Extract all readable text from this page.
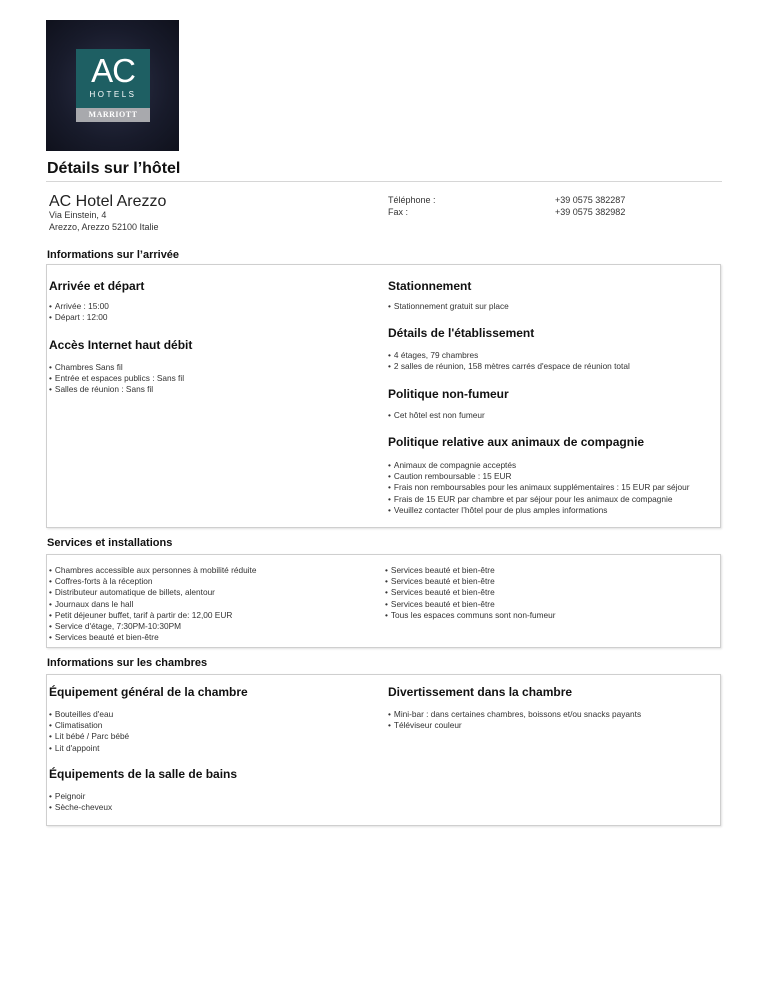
AC
HOTELS
MARRIOTT
Détails sur l’hôtel
AC Hotel Arezzo
Via Einstein, 4
Arezzo, Arezzo 52100 Italie
Téléphone :	+39 0575 382287
Fax :	+39 0575 382982
Informations sur l’arrivée
Arrivée et départ
• Arrivée : 15:00
• Départ : 12:00
Accès Internet haut débit
• Chambres Sans fil
• Entrée et espaces publics : Sans fil
• Salles de réunion : Sans fil
Stationnement
• Stationnement gratuit sur place
Détails de l'établissement
• 4 étages, 79 chambres
• 2 salles de réunion, 158 mètres carrés d'espace de réunion total
Politique non-fumeur
• Cet hôtel est non fumeur
Politique relative aux animaux de compagnie
• Animaux de compagnie acceptés
• Caution remboursable : 15 EUR
• Frais non remboursables pour les animaux supplémentaires : 15 EUR par séjour
• Frais de 15 EUR par chambre et par séjour pour les animaux de compagnie
• Veuillez contacter l’hôtel pour de plus amples informations
Services et installations
• Chambres accessible aux personnes à mobilité réduite
• Coffres-forts à la réception
• Distributeur automatique de billets, alentour
• Journaux dans le hall
• Petit déjeuner buffet, tarif à partir de: 12,00 EUR
• Service d'étage, 7:30PM-10:30PM
• Services beauté et bien-être
• Services beauté et bien-être
• Services beauté et bien-être
• Services beauté et bien-être
• Services beauté et bien-être
• Tous les espaces communs sont non-fumeur
Informations sur les chambres
Équipement général de la chambre
• Bouteilles d'eau
• Climatisation
• Lit bébé / Parc bébé
• Lit d'appoint
Équipements de la salle de bains
• Peignoir
• Sèche-cheveux
Divertissement dans la chambre
• Mini-bar : dans certaines chambres, boissons et/ou snacks payants
• Téléviseur couleur
